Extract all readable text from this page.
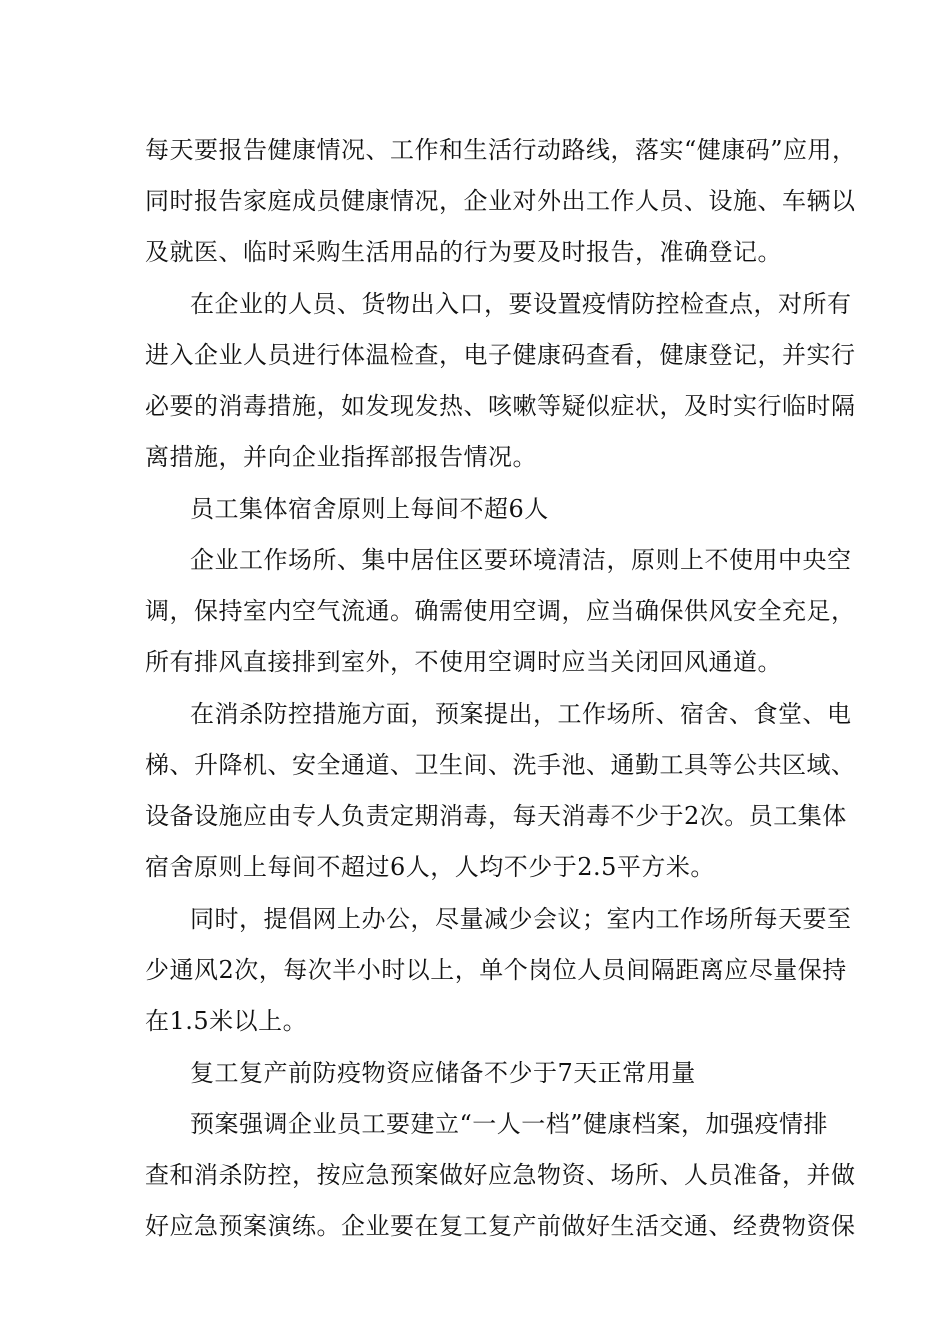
每天要报告健康情况、工作和生活行动路线，落实“健康码”应用，
同时报告家庭成员健康情况，企业对外出工作人员、设施、车辆以
及就医、临时采购生活用品的行为要及时报告，准确登记。
在企业的人员、货物出入口，要设置疫情防控检查点，对所有
进入企业人员进行体温检查，电子健康码查看，健康登记，并实行
必要的消毒措施，如发现发热、咳嗽等疑似症状，及时实行临时隔
离措施，并向企业指挥部报告情况。
员工集体宿舍原则上每间不超6人
企业工作场所、集中居住区要环境清洁，原则上不使用中央空
调，保持室内空气流通。确需使用空调，应当确保供风安全充足，
所有排风直接排到室外，不使用空调时应当关闭回风通道。
在消杀防控措施方面，预案提出，工作场所、宿舍、食堂、电
梯、升降机、安全通道、卫生间、洗手池、通勤工具等公共区域、
设备设施应由专人负责定期消毒，每天消毒不少于2次。员工集体
宿舍原则上每间不超过6人，人均不少于2.5平方米。
同时，提倡网上办公，尽量减少会议；室内工作场所每天要至
少通风2次，每次半小时以上，单个岗位人员间隔距离应尽量保持
在1.5米以上。
复工复产前防疫物资应储备不少于7天正常用量
预案强调企业员工要建立“一人一档”健康档案，加强疫情排
查和消杀防控，按应急预案做好应急物资、场所、人员准备，并做
好应急预案演练。企业要在复工复产前做好生活交通、经费物资保
